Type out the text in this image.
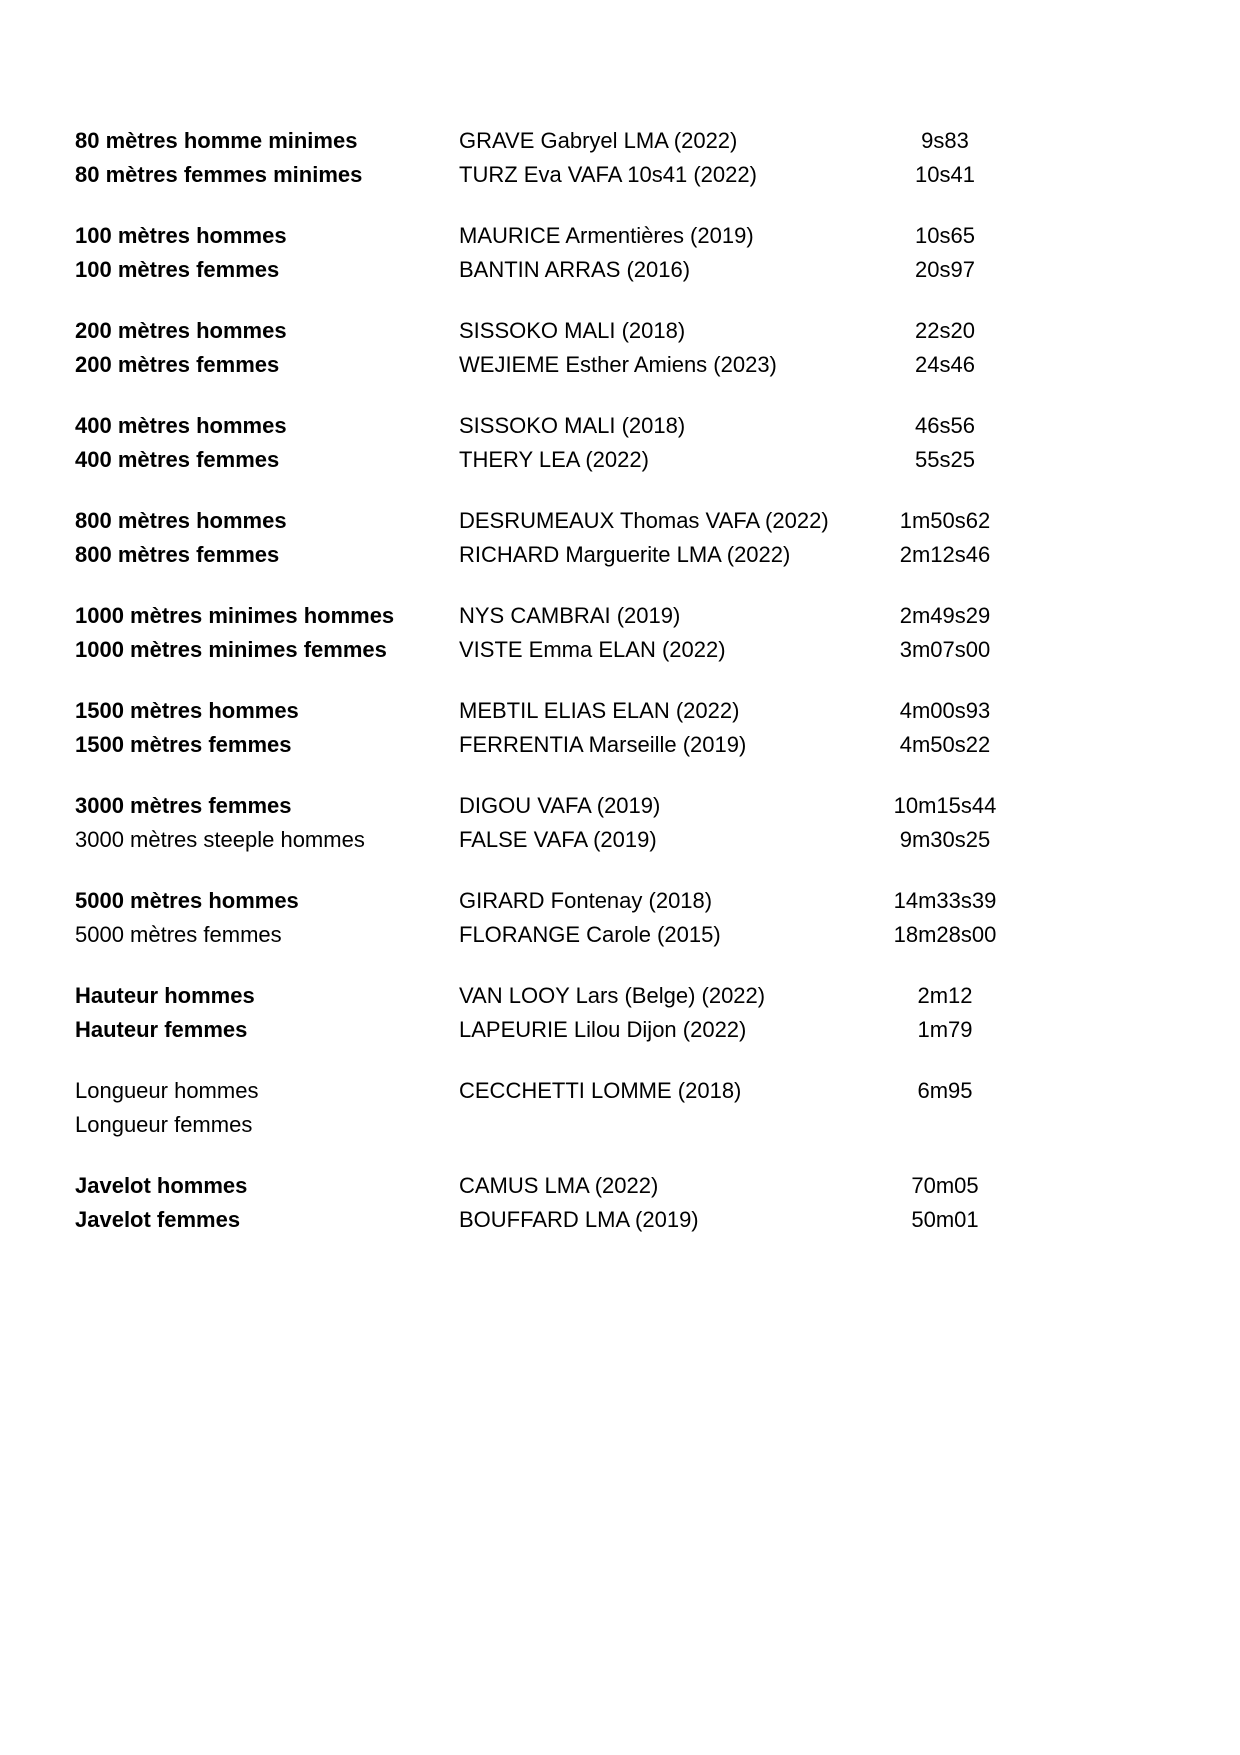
80 mètres homme minimes	GRAVE Gabryel LMA (2022)	9s83
80 mètres femmes minimes	TURZ Eva VAFA 10s41 (2022)	10s41
100 mètres hommes	MAURICE Armentières (2019)	10s65
100 mètres femmes	BANTIN ARRAS (2016)	20s97
200 mètres hommes	SISSOKO MALI (2018)	22s20
200 mètres femmes	WEJIEME Esther Amiens (2023)	24s46
400 mètres hommes	SISSOKO MALI (2018)	46s56
400 mètres femmes	THERY LEA (2022)	55s25
800 mètres hommes	DESRUMEAUX Thomas VAFA (2022)	1m50s62
800 mètres femmes	RICHARD Marguerite LMA (2022)	2m12s46
1000 mètres minimes hommes	NYS CAMBRAI (2019)	2m49s29
1000 mètres minimes femmes	VISTE Emma ELAN (2022)	3m07s00
1500 mètres hommes	MEBTIL ELIAS ELAN (2022)	4m00s93
1500 mètres femmes	FERRENTIA Marseille (2019)	4m50s22
3000 mètres femmes	DIGOU VAFA (2019)	10m15s44
3000 mètres steeple hommes	FALSE VAFA (2019)	9m30s25
5000 mètres hommes	GIRARD Fontenay (2018)	14m33s39
5000 mètres femmes	FLORANGE Carole (2015)	18m28s00
Hauteur hommes	VAN LOOY Lars (Belge) (2022)	2m12
Hauteur femmes	LAPEURIE Lilou Dijon (2022)	1m79
Longueur hommes	CECCHETTI LOMME (2018)	6m95
Longueur femmes
Javelot hommes	CAMUS LMA (2022)	70m05
Javelot femmes	BOUFFARD LMA (2019)	50m01
